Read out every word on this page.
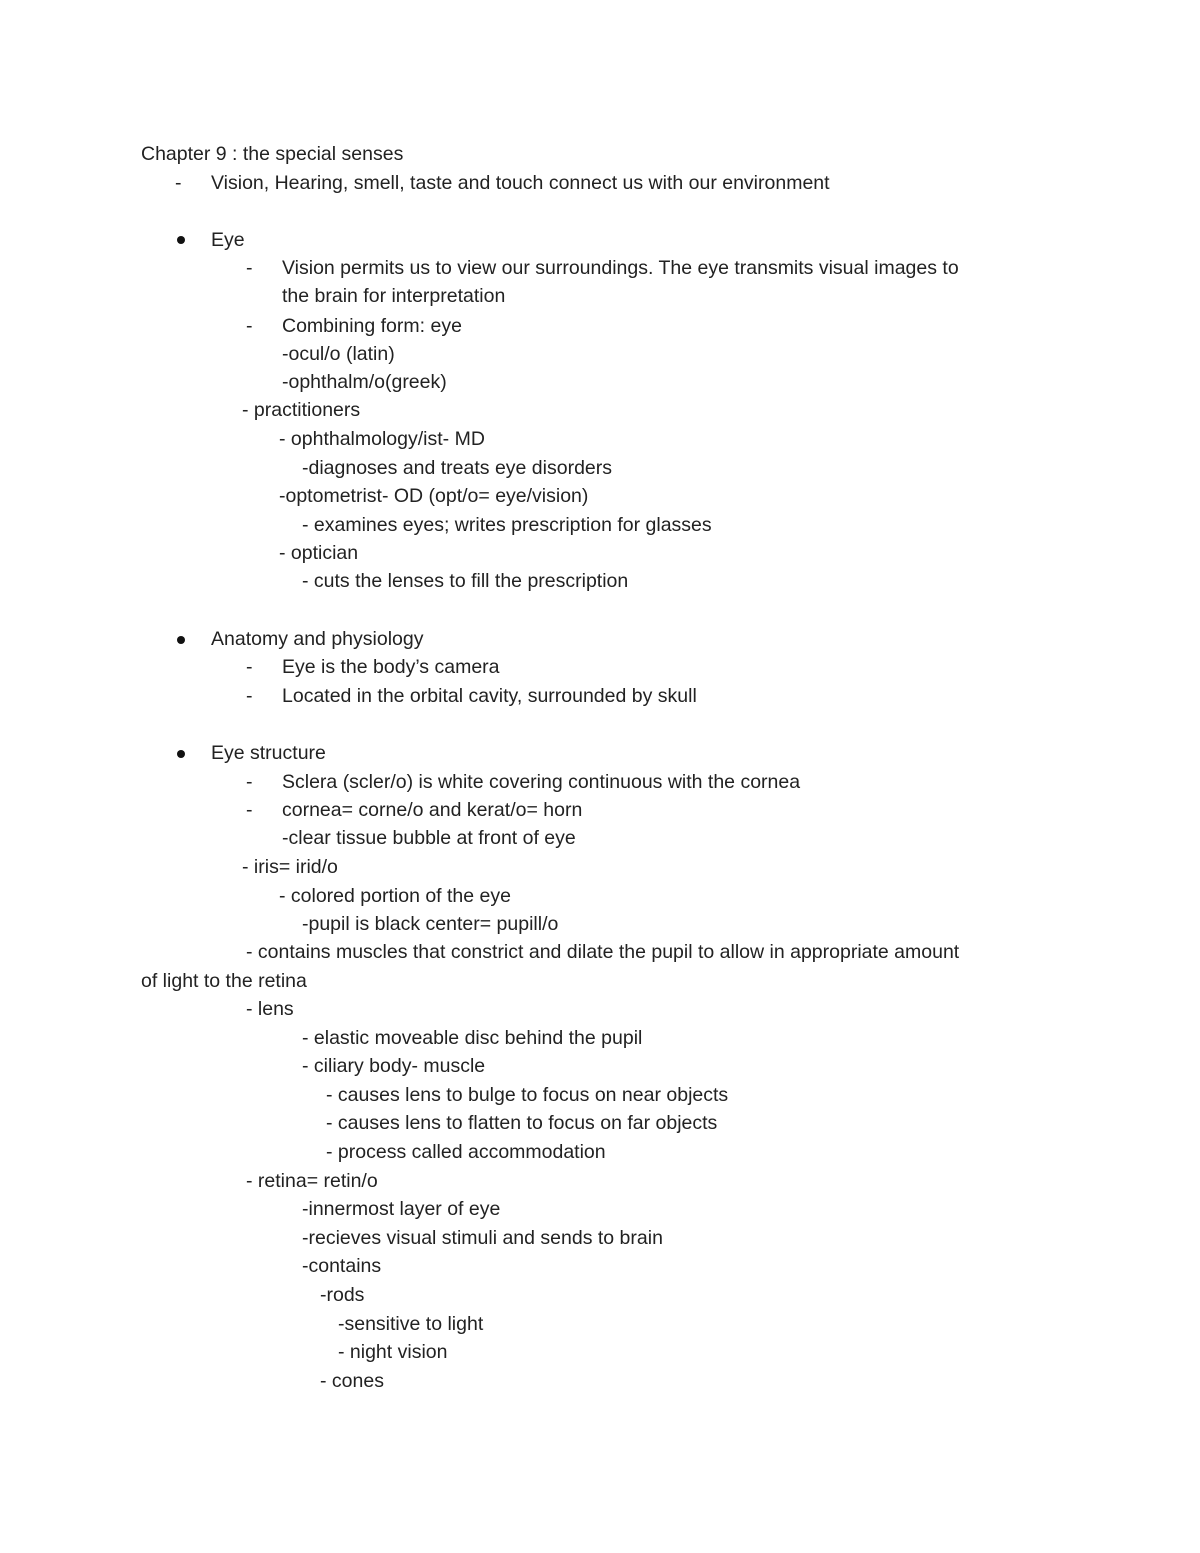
Chapter 9 : the special senses
- Vision, Hearing, smell, taste and touch connect us with our environment
Eye
- Vision permits us to view our surroundings. The eye transmits visual images to
the brain for interpretation
- Combining form: eye
-ocul/o (latin)
-ophthalm/o(greek)
- practitioners
- ophthalmology/ist- MD
-diagnoses and treats eye disorders
-optometrist- OD (opt/o= eye/vision)
- examines eyes; writes prescription for glasses
- optician
- cuts the lenses to fill the prescription
Anatomy and physiology
- Eye is the body’s camera
- Located in the orbital cavity, surrounded by skull
Eye structure
- Sclera (scler/o) is white covering continuous with the cornea
- cornea= corne/o and kerat/o= horn
-clear tissue bubble at front of eye
- iris= irid/o
- colored portion of the eye
-pupil is black center= pupill/o
- contains muscles that constrict and dilate the pupil to allow in appropriate amount
of light to the retina
- lens
- elastic moveable disc behind the pupil
- ciliary body- muscle
- causes lens to bulge to focus on near objects
- causes lens to flatten to focus on far objects
- process called accommodation
- retina= retin/o
-innermost layer of eye
-recieves visual stimuli and sends to brain
-contains
-rods
-sensitive to light
- night vision
- cones
